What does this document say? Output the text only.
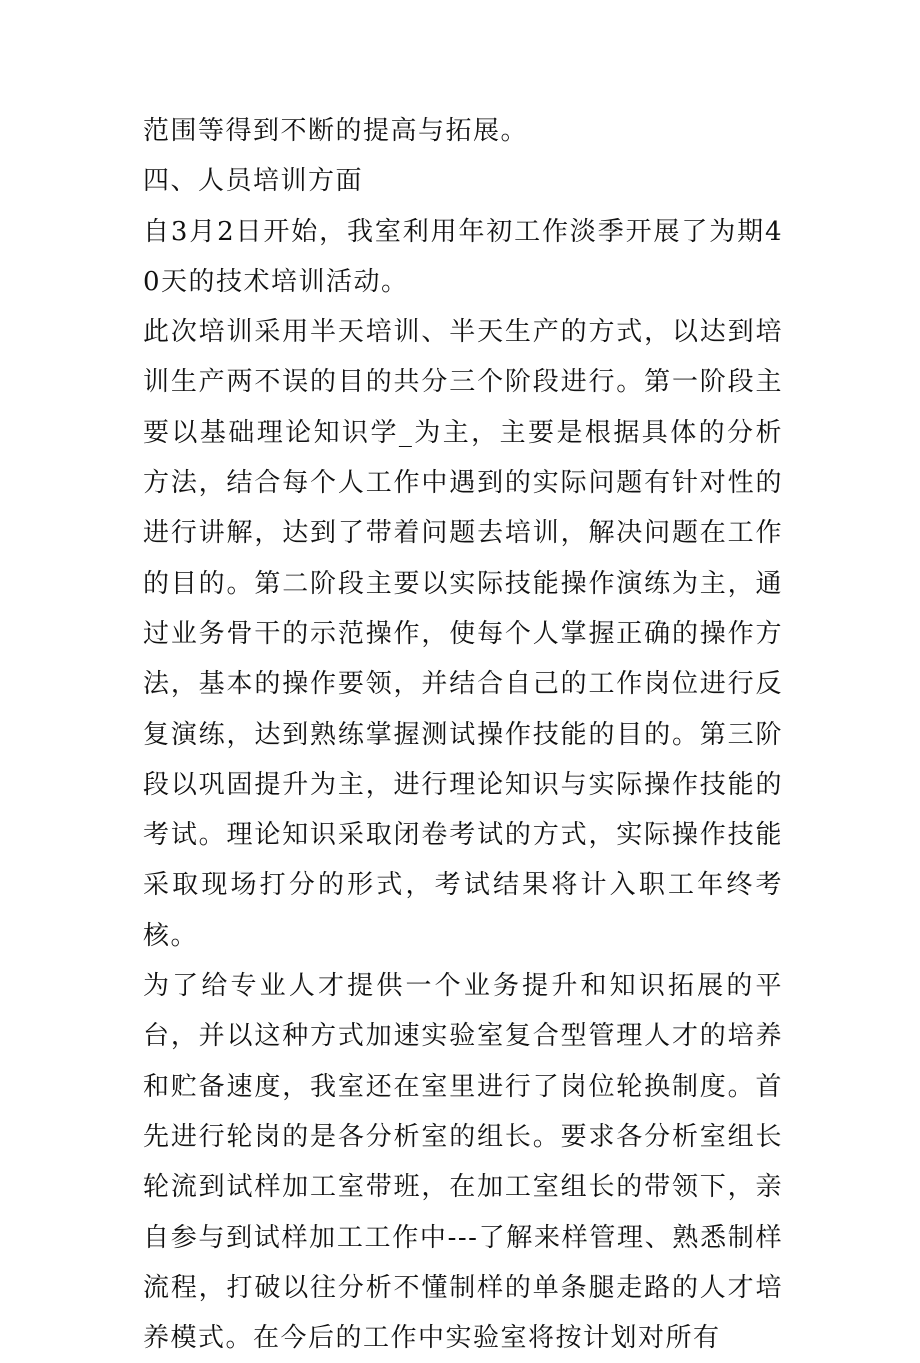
范围等得到不断的提高与拓展。

四、人员培训方面

自3月2日开始，我室利用年初工作淡季开展了为期40天的技术培训活动。

此次培训采用半天培训、半天生产的方式，以达到培训生产两不误的目的共分三个阶段进行。第一阶段主要以基础理论知识学_为主，主要是根据具体的分析方法，结合每个人工作中遇到的实际问题有针对性的进行讲解，达到了带着问题去培训，解决问题在工作的目的。第二阶段主要以实际技能操作演练为主，通过业务骨干的示范操作，使每个人掌握正确的操作方法，基本的操作要领，并结合自己的工作岗位进行反复演练，达到熟练掌握测试操作技能的目的。第三阶段以巩固提升为主，进行理论知识与实际操作技能的考试。理论知识采取闭卷考试的方式，实际操作技能采取现场打分的形式，考试结果将计入职工年终考核。

为了给专业人才提供一个业务提升和知识拓展的平台，并以这种方式加速实验室复合型管理人才的培养和贮备速度，我室还在室里进行了岗位轮换制度。首先进行轮岗的是各分析室的组长。要求各分析室组长轮流到试样加工室带班，在加工室组长的带领下，亲自参与到试样加工工作中---了解来样管理、熟悉制样流程，打破以往分析不懂制样的单条腿走路的人才培养模式。在今后的工作中实验室将按计划对所有
